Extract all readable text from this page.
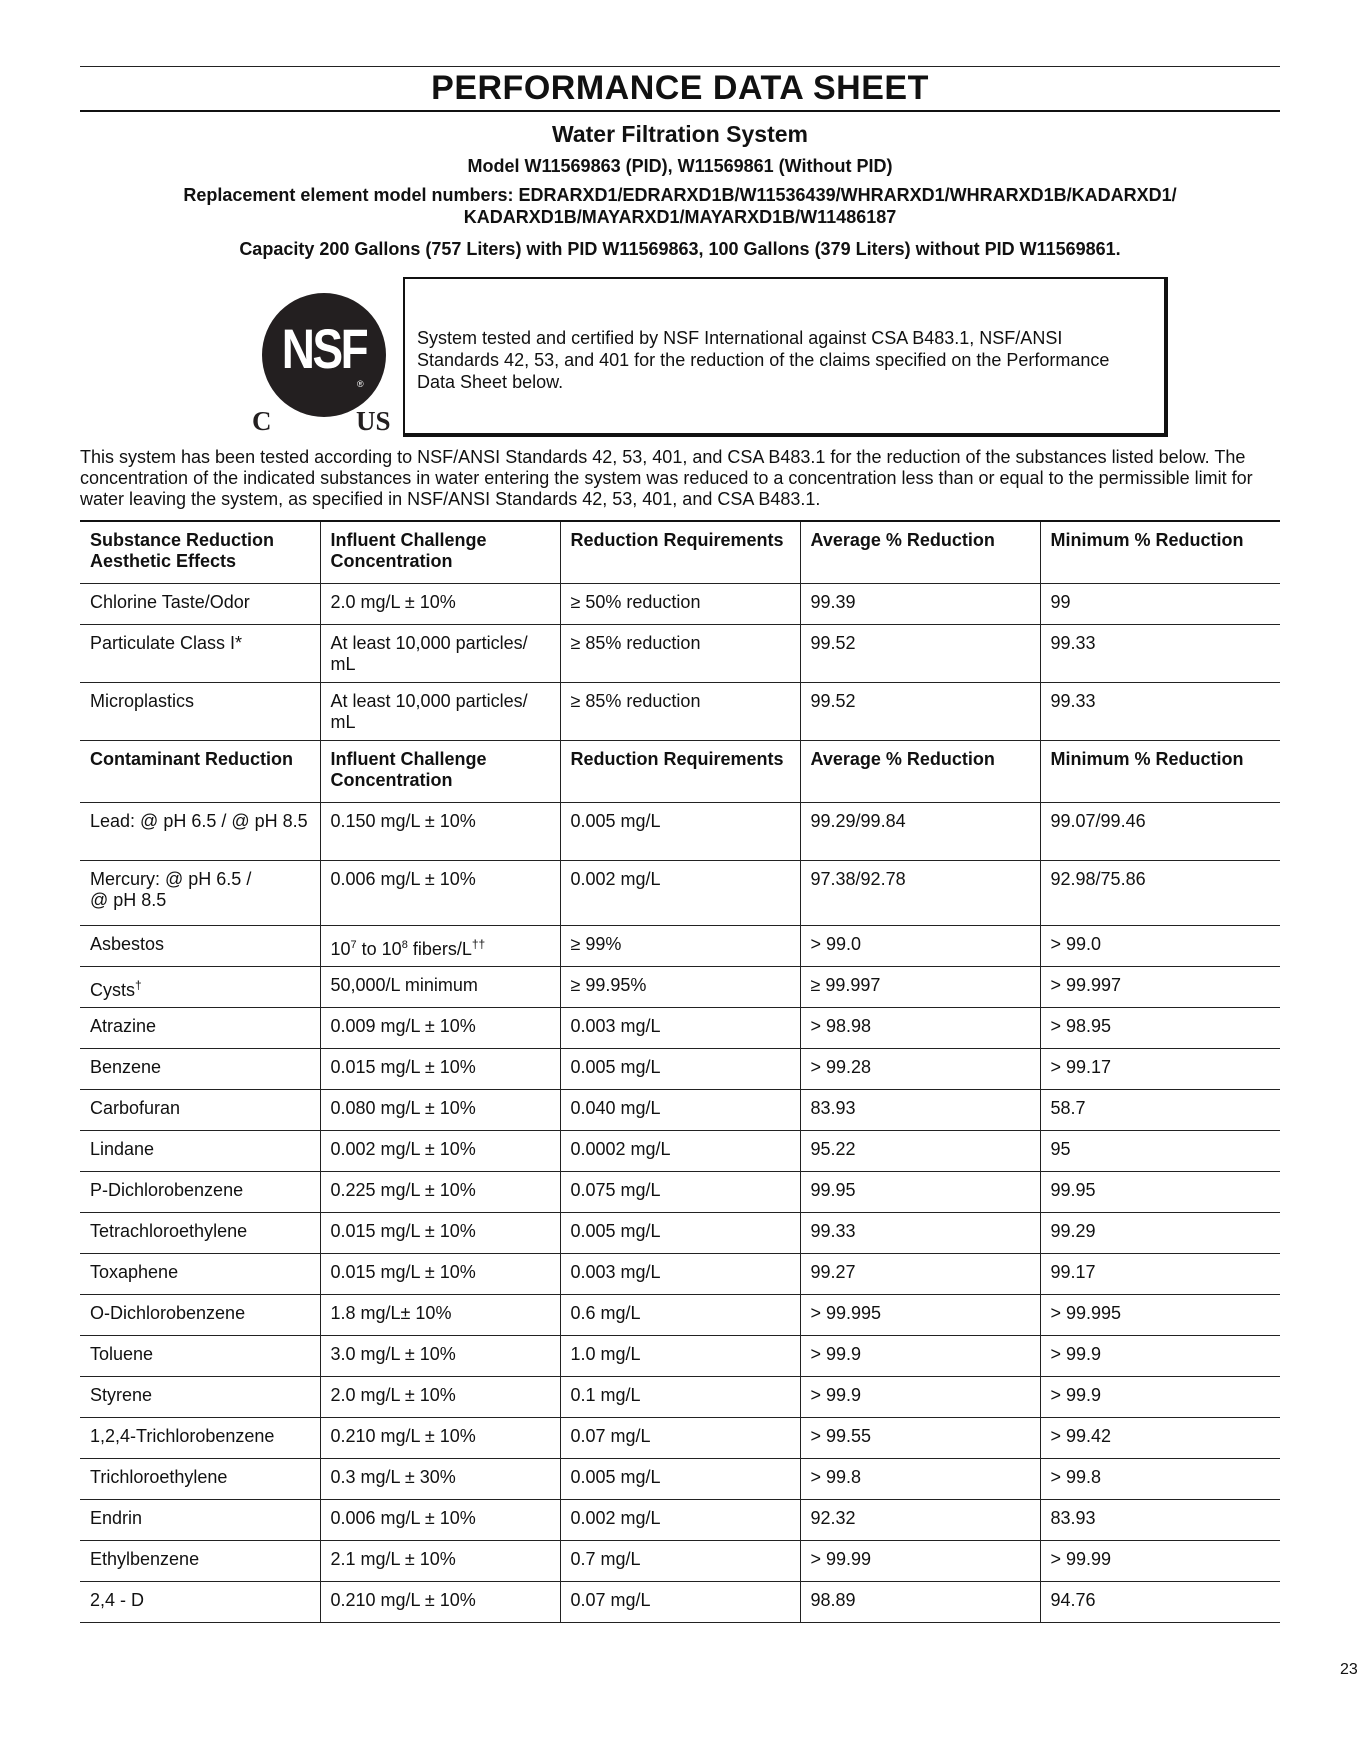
PERFORMANCE DATA SHEET
Water Filtration System
Model W11569863 (PID), W11569861 (Without PID)
Replacement element model numbers: EDRARXD1/EDRARXD1B/W11536439/WHRARXD1/WHRARXD1B/KADARXD1/
KADARXD1B/MAYARXD1/MAYARXD1B/W11486187
Capacity 200 Gallons (757 Liters) with PID W11569863, 100 Gallons (379 Liters) without PID W11569861.
NSF
®
C	US
System tested and certified by NSF International against CSA B483.1, NSF/ANSI Standards 42, 53, and 401 for the reduction of the claims specified on the Performance Data Sheet below.
This system has been tested according to NSF/ANSI Standards 42, 53, 401, and CSA B483.1 for the reduction of the substances listed below. The concentration of the indicated substances in water entering the system was reduced to a concentration less than or equal to the permissible limit for water leaving the system, as specified in NSF/ANSI Standards 42, 53, 401, and CSA B483.1.
Substance Reduction Aesthetic Effects	Influent Challenge Concentration	Reduction Requirements	Average % Reduction	Minimum % Reduction
Chlorine Taste/Odor	2.0 mg/L ± 10%	≥ 50% reduction	99.39	99
Particulate Class I*	At least 10,000 particles/ mL	≥ 85% reduction	99.52	99.33
Microplastics	At least 10,000 particles/ mL	≥ 85% reduction	99.52	99.33
Contaminant Reduction	Influent Challenge Concentration	Reduction Requirements	Average % Reduction	Minimum % Reduction
Lead: @ pH 6.5 / @ pH 8.5	0.150 mg/L ± 10%	0.005 mg/L	99.29/99.84	99.07/99.46
Mercury: @ pH 6.5 /
@ pH 8.5	0.006 mg/L ± 10%	0.002 mg/L	97.38/92.78	92.98/75.86
Asbestos	$10^7$ to $10^8$ fibers/L††	≥ 99%	> 99.0	> 99.0
Cysts†	50,000/L minimum	≥ 99.95%	≥ 99.997	> 99.997
Atrazine	0.009 mg/L ± 10%	0.003 mg/L	> 98.98	> 98.95
Benzene	0.015 mg/L ± 10%	0.005 mg/L	> 99.28	> 99.17
Carbofuran	0.080 mg/L ± 10%	0.040 mg/L	83.93	58.7
Lindane	0.002 mg/L ± 10%	0.0002 mg/L	95.22	95
P-Dichlorobenzene	0.225 mg/L ± 10%	0.075 mg/L	99.95	99.95
Tetrachloroethylene	0.015 mg/L ± 10%	0.005 mg/L	99.33	99.29
Toxaphene	0.015 mg/L ± 10%	0.003 mg/L	99.27	99.17
O-Dichlorobenzene	1.8 mg/L± 10%	0.6 mg/L	> 99.995	> 99.995
Toluene	3.0 mg/L ± 10%	1.0 mg/L	> 99.9	> 99.9
Styrene	2.0 mg/L ± 10%	0.1 mg/L	> 99.9	> 99.9
1,2,4-Trichlorobenzene	0.210 mg/L ± 10%	0.07 mg/L	> 99.55	> 99.42
Trichloroethylene	0.3 mg/L ± 30%	0.005 mg/L	> 99.8	> 99.8
Endrin	0.006 mg/L ± 10%	0.002 mg/L	92.32	83.93
Ethylbenzene	2.1 mg/L ± 10%	0.7 mg/L	> 99.99	> 99.99
2,4 - D	0.210 mg/L ± 10%	0.07 mg/L	98.89	94.76
23
